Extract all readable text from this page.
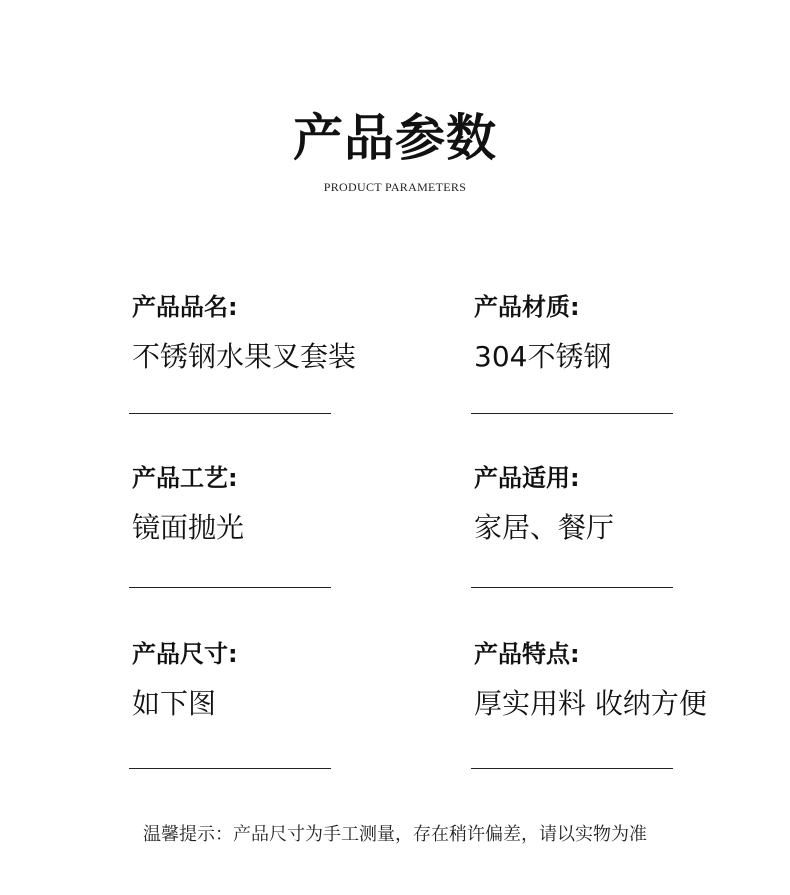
产品参数
PRODUCT PARAMETERS
产品品名:
不锈钢水果叉套装
产品材质:
304不锈钢
产品工艺:
镜面抛光
产品适用:
家居、餐厅
产品尺寸:
如下图
产品特点:
厚实用料 收纳方便
温馨提示：产品尺寸为手工测量，存在稍许偏差，请以实物为准
